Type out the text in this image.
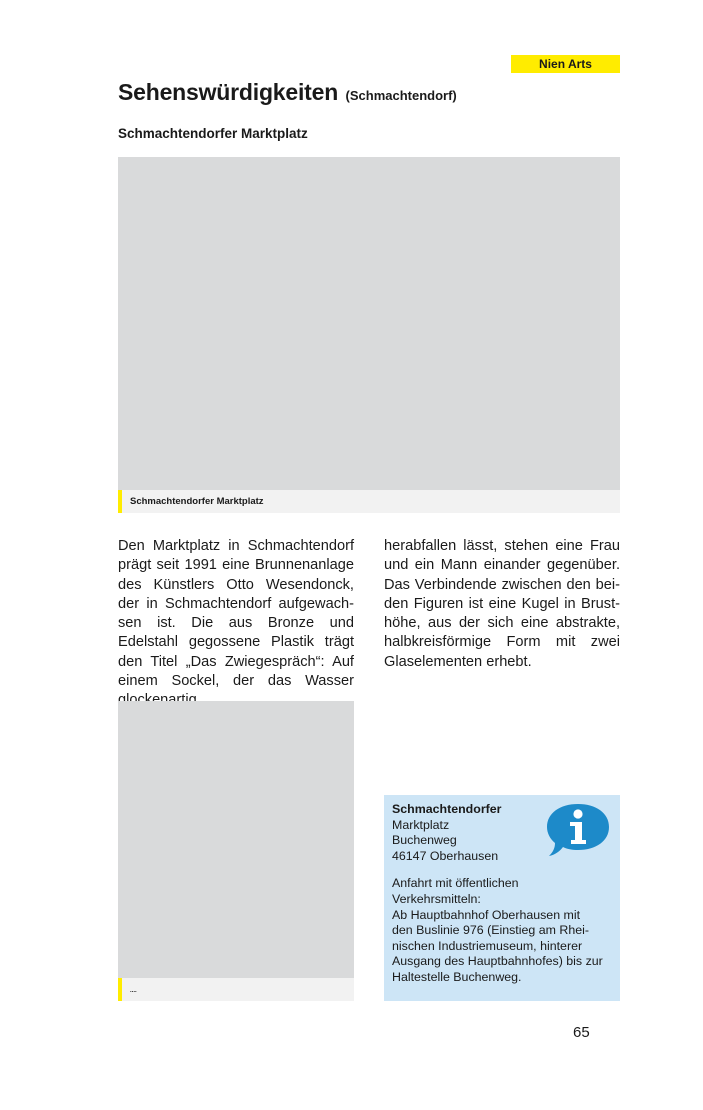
Nien Arts
Sehenswürdigkeiten (Schmachtendorf)
Schmachtendorfer Marktplatz
Schmachtendorfer Marktplatz
Den Marktplatz in Schmachtendorf prägt seit 1991 eine Brunnenanlage des Künstlers Otto Wesendonck, der in Schmachtendorf aufgewachsen ist. Die aus Bronze und Edelstahl gegossene Plastik trägt den Titel „Das Zwiegespräch“: Auf einem Sockel, der das Wasser
herabfallen lässt, stehen eine Frau und ein Mann einander gegenüber. Das Verbindende zwischen den beiden Figuren ist eine Kugel in Brusthöhe, aus der sich eine abstrakte, halbkreisförmige Form mit zwei Glaselementen erhebt.
....
Schmachtendorfer
Marktplatz
Buchenweg
46147 Oberhausen
Anfahrt mit öffentlichen
Verkehrsmitteln:
Ab Hauptbahnhof Oberhausen mit
den Buslinie 976 (Einstieg am Rhei-
nischen Industriemuseum, hinterer
Ausgang des Hauptbahnhofes) bis zur
Haltestelle Buchenweg.
65
